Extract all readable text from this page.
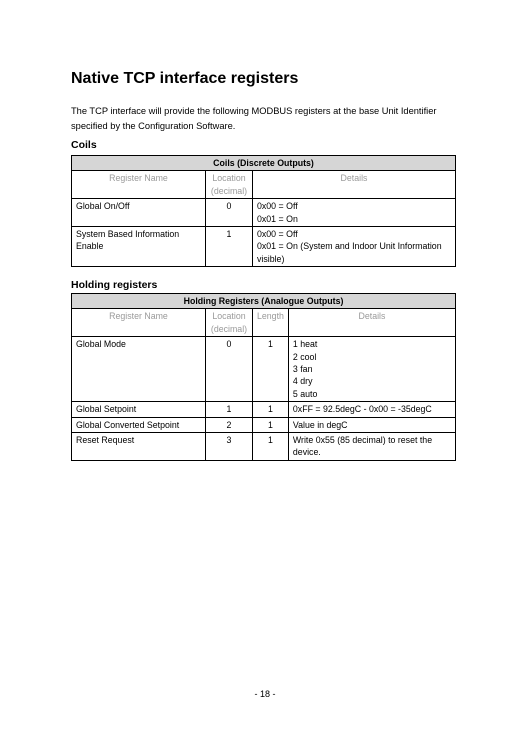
Native TCP interface registers

The TCP interface will provide the following MODBUS registers at the base Unit Identifier specified by the Configuration Software.

Coils
Coils (Discrete Outputs)		
Register Name	Location (decimal)	Details
Global On/Off	0	0x00 = Off
0x01 = On

System Based Information Enable	1	0x00 = Off
0x01 = On (System and Indoor Unit Information visible)
Holding registers
Holding Registers (Analogue Outputs)			
Register Name	Location (decimal)	Length	Details
Global Mode	0	1	1 heat
2 cool
3 fan
4 dry
5 auto

Global Setpoint	1	1	0xFF = 92.5degC - 0x00 = -35degC

Global Converted Setpoint	2	1	Value in degC

Reset Request	3	1	Write 0x55 (85 decimal) to reset the device.
- 18 -
